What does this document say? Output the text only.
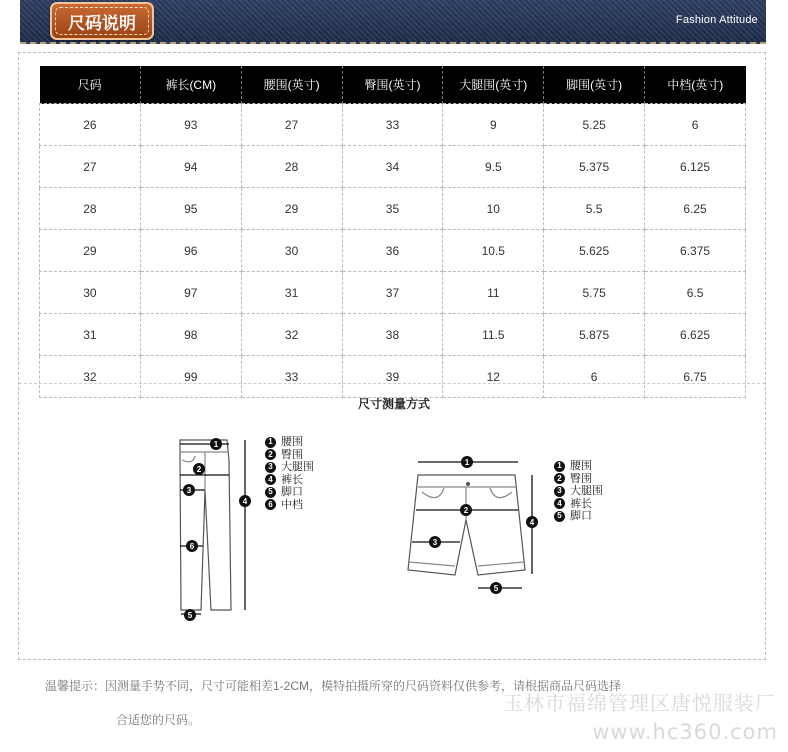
尺码说明	Fashion Attitude
尺码	裤长(CM)	腰围(英寸)	臀围(英寸)	大腿围(英寸)	脚围(英寸)	中档(英寸)
26	93	27	33	9	5.25	6
27	94	28	34	9.5	5.375	6.125
28	95	29	35	10	5.5	6.25
29	96	30	36	10.5	5.625	6.375
30	97	31	37	11	5.75	6.5
31	98	32	38	11.5	5.875	6.625
32	99	33	39	12	6	6.75
尺寸测量方式
1
2
3
4
6
5
1 腰围
2 臀围
3 大腿围
4 裤长
5 脚口
6 中档
1
2
3
4
5
1 腰围
2 臀围
3 大腿围
4 裤长
5 脚口
温馨提示：因测量手势不同，尺寸可能相差1-2CM，模特拍摄所穿的尺码资料仅供参考，请根据商品尺码选择
合适您的尺码。
玉林市福绵管理区唐悦服装厂
www.hc360.com
